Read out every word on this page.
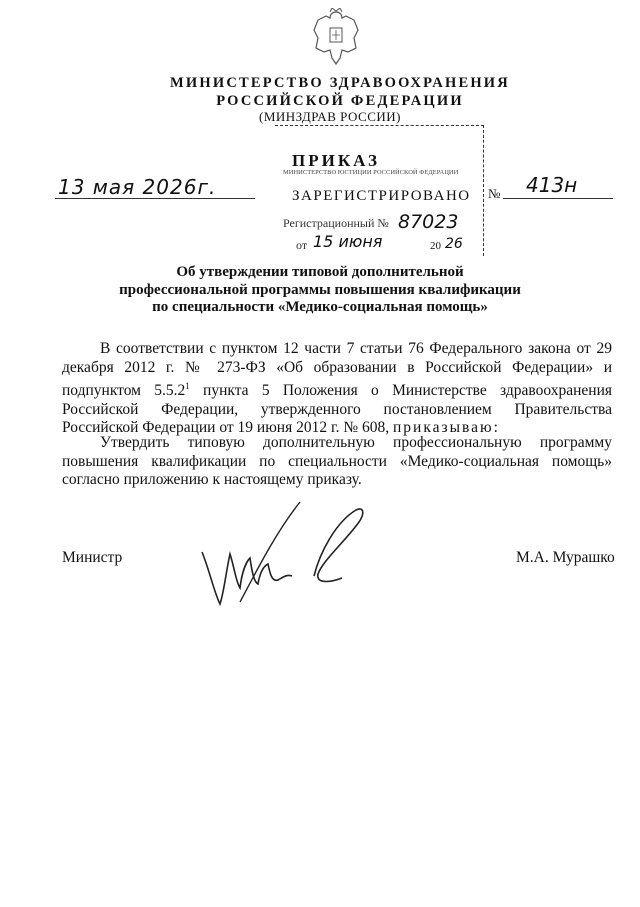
МИНИСТЕРСТВО ЗДРАВООХРАНЕНИЯ
РОССИЙСКОЙ ФЕДЕРАЦИИ
(МИНЗДРАВ РОССИИ)
ПРИКАЗ
МИНИСТЕРСТВО ЮСТИЦИИ РОССИЙСКОЙ ФЕДЕРАЦИИ
ЗАРЕГИСТРИРОВАНО
Регистрационный № 87023
от 15 июня	20 26
13 мая 2026г.	№ 413н
Об утверждении типовой дополнительной
профессиональной программы повышения квалификации
по специальности «Медико-социальная помощь»
В соответствии с пунктом 12 части 7 статьи 76 Федерального закона от 29 декабря 2012 г. № 273-ФЗ «Об образовании в Российской Федерации» и подпунктом 5.5.2$^1$ пункта 5 Положения о Министерстве здравоохранения Российской Федерации, утвержденного постановлением Правительства Российской Федерации от 19 июня 2012 г. № 608, приказываю:
Утвердить типовую дополнительную профессиональную программу повышения квалификации по специальности «Медико-социальная помощь» согласно приложению к настоящему приказу.
Министр	М.А. Мурашко
